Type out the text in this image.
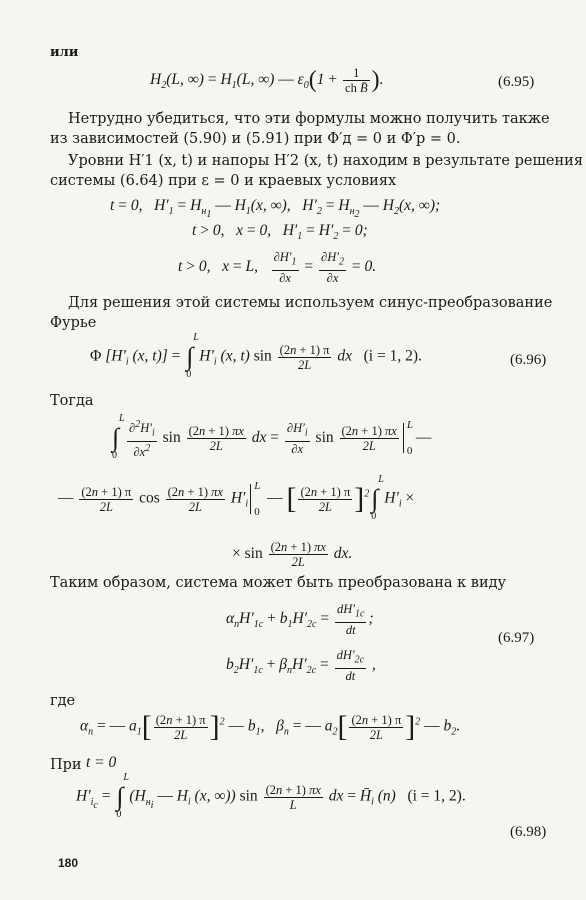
или
$H_2(L$, ∞) = $H_1(L$, ∞) — $\varepsilon_0(1 + \frac{1}{\text{ch B̄}}$ ).	(6.95)
Нетрудно убедиться, что эти формулы можно получить также
из зависимостей (5.90) и (5.91) при Φ′д = 0 и Φ′р = 0.
Уровни H′1 (x, t) и напоры H′2 (x, t) находим в результате решения
системы (6.64) при ε = 0 и краевых условиях
t = 0,   $H'_1 = H_{н_1}$ — $H_1(x$, ∞),   $H'_2 = H_{н_2}$ — $H_2(x$, ∞);
t > 0,   x = 0,   $H'_1 = H'_2 = 0$;
t > 0,   x = L, $\frac{\partial H'_1}{\partial x} = \frac{\partial H'_2}{\partial x} = 0$.
Для решения этой системы используем синус-преобразование
Фурье
Φ [$H'_i$ (x, t)] = ∫
L
0
$H'_i$ (x, t) $\sin \frac{(2n + 1) \pi}{2L}$ dx   (i = 1, 2).	(6.96)
Тогда
∫
L
0
$\frac{\partial^2H'_i}{\partial x^2}$ $\sin \frac{(2n + 1) \pi x}{2L}$ dx = $\frac{\partial H'_i}{\partial x}$ $\sin \frac{(2n + 1) \pi x}{2L}$ L
0
—
— $\frac{(2n + 1) \pi}{2L}$ $\cos \frac{(2n + 1) \pi x}{2L} H'_i$
L
0
— [ $\frac{(2n + 1) \pi}{2L} ]^2\int$
L
0
$H'_i$ ×
× $\sin \frac{(2n + 1) \pi x}{2L}$ dx.
Таким образом, система может быть преобразована к виду
$\alpha_nH'_{1c} + b_1H'_{2c} = \frac{dH'_{1c}}{dt}$ ;
(6.97)
$b_2H'_{1c} + \beta_nH'_{2c} = \frac{dH'_{2c}}{dt}$ ,
где
$\alpha_n$ = — $a_1[ \frac{(2n + 1) \pi}{2L} ]^2$ — $b_1$,   $\beta_n$ = — $a_2[ \frac{(2n + 1) \pi}{2L} ]^2$ — $b_2$.
При t = 0
$H'_{i_c}$ = ∫
L
0
($H_{н_i}$ — $H_i$ (x, ∞)) $\sin \frac{(2n + 1) \pi x}{L}$ dx = $H̄_i$ (n)   (i = 1, 2).
(6.98)
180
